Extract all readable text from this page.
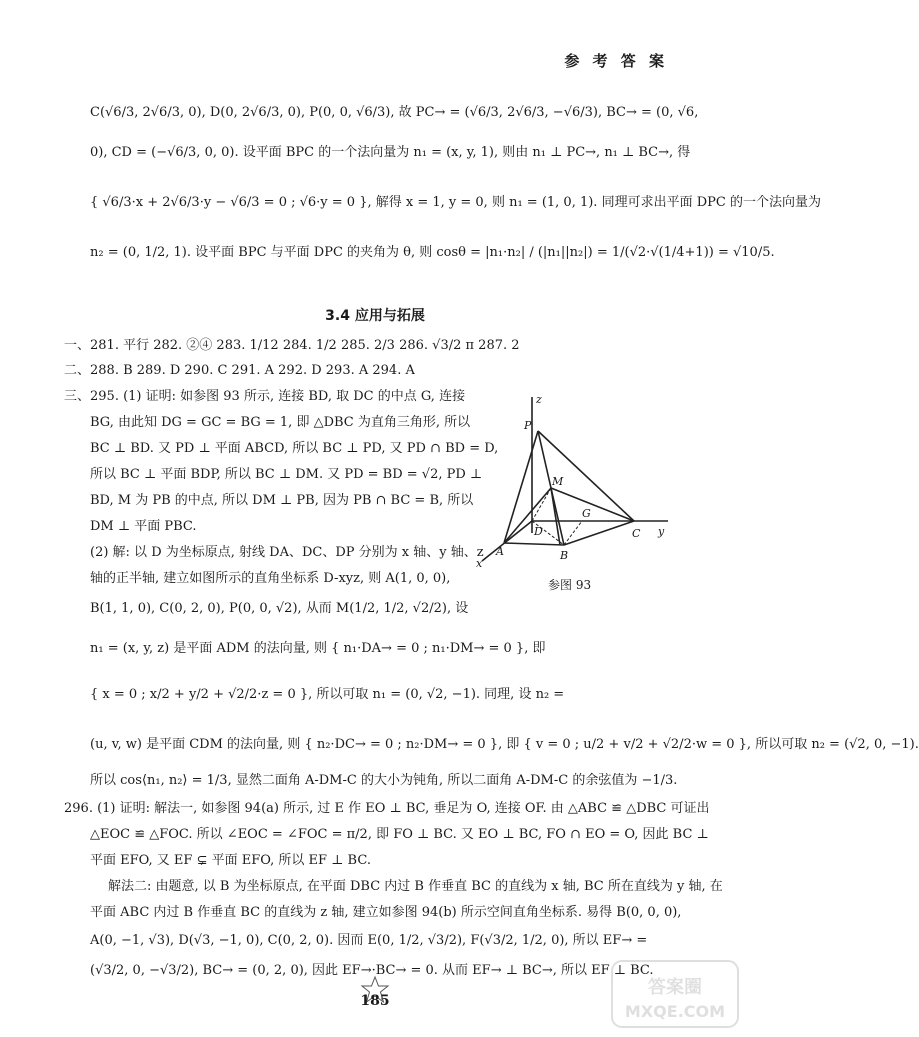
参 考 答 案
C(√6/3, 2√6/3, 0), D(0, 2√6/3, 0), P(0, 0, √6/3), 故 PC→ = (√6/3, 2√6/3, −√6/3), BC→ = (0, √6,
0), CD = (−√6/3, 0, 0). 设平面 BPC 的一个法向量为 n₁ = (x, y, 1), 则由 n₁ ⊥ PC→, n₁ ⊥ BC→, 得
{ √6/3·x + 2√6/3·y − √6/3 = 0 ; √6·y = 0 }, 解得 x = 1, y = 0, 则 n₁ = (1, 0, 1). 同理可求出平面 DPC 的一个法向量为
n₂ = (0, 1/2, 1). 设平面 BPC 与平面 DPC 的夹角为 θ, 则 cosθ = |n₁·n₂| / (|n₁||n₂|) = 1/(√2·√(1/4+1)) = √10/5.
3.4 应用与拓展
一、281. 平行 282. ②④ 283. 1/12 284. 1/2 285. 2/3 286. √3/2 π 287. 2
二、288. B 289. D 290. C 291. A 292. D 293. A 294. A
三、295. (1) 证明: 如参图 93 所示, 连接 BD, 取 DC 的中点 G, 连接
BG, 由此知 DG = GC = BG = 1, 即 △DBC 为直角三角形, 所以
BC ⊥ BD. 又 PD ⊥ 平面 ABCD, 所以 BC ⊥ PD, 又 PD ∩ BD = D,
所以 BC ⊥ 平面 BDP, 所以 BC ⊥ DM. 又 PD = BD = √2, PD ⊥
BD, M 为 PB 的中点, 所以 DM ⊥ PB, 因为 PB ∩ BC = B, 所以
DM ⊥ 平面 PBC.
(2) 解: 以 D 为坐标原点, 射线 DA、DC、DP 分别为 x 轴、y 轴、z
轴的正半轴, 建立如图所示的直角坐标系 D-xyz, 则 A(1, 0, 0),
B(1, 1, 0), C(0, 2, 0), P(0, 0, √2), 从而 M(1/2, 1/2, √2/2), 设
n₁ = (x, y, z) 是平面 ADM 的法向量, 则 { n₁·DA→ = 0 ; n₁·DM→ = 0 }, 即
{ x = 0 ; x/2 + y/2 + √2/2·z = 0 }, 所以可取 n₁ = (0, √2, −1). 同理, 设 n₂ =
(u, v, w) 是平面 CDM 的法向量, 则 { n₂·DC→ = 0 ; n₂·DM→ = 0 }, 即 { v = 0 ; u/2 + v/2 + √2/2·w = 0 }, 所以可取 n₂ = (√2, 0, −1).
所以 cos⟨n₁, n₂⟩ = 1/3, 显然二面角 A-DM-C 的大小为钝角, 所以二面角 A-DM-C 的余弦值为 −1/3.
296. (1) 证明: 解法一, 如参图 94(a) 所示, 过 E 作 EO ⊥ BC, 垂足为 O, 连接 OF. 由 △ABC ≌ △DBC 可证出
△EOC ≌ △FOC. 所以 ∠EOC = ∠FOC = π/2, 即 FO ⊥ BC. 又 EO ⊥ BC, FO ∩ EO = O, 因此 BC ⊥
平面 EFO, 又 EF ⊊ 平面 EFO, 所以 EF ⊥ BC.
解法二: 由题意, 以 B 为坐标原点, 在平面 DBC 内过 B 作垂直 BC 的直线为 x 轴, BC 所在直线为 y 轴, 在
平面 ABC 内过 B 作垂直 BC 的直线为 z 轴, 建立如参图 94(b) 所示空间直角坐标系. 易得 B(0, 0, 0),
A(0, −1, √3), D(√3, −1, 0), C(0, 2, 0). 因而 E(0, 1/2, √3/2), F(√3/2, 1/2, 0), 所以 EF→ =
(√3/2, 0, −√3/2), BC→ = (0, 2, 0), 因此 EF→·BC→ = 0. 从而 EF→ ⊥ BC→, 所以 EF ⊥ BC.
z
P
M
G
D
A	B
C
x
y
参图 93
185
答案圈
MXQE.COM
